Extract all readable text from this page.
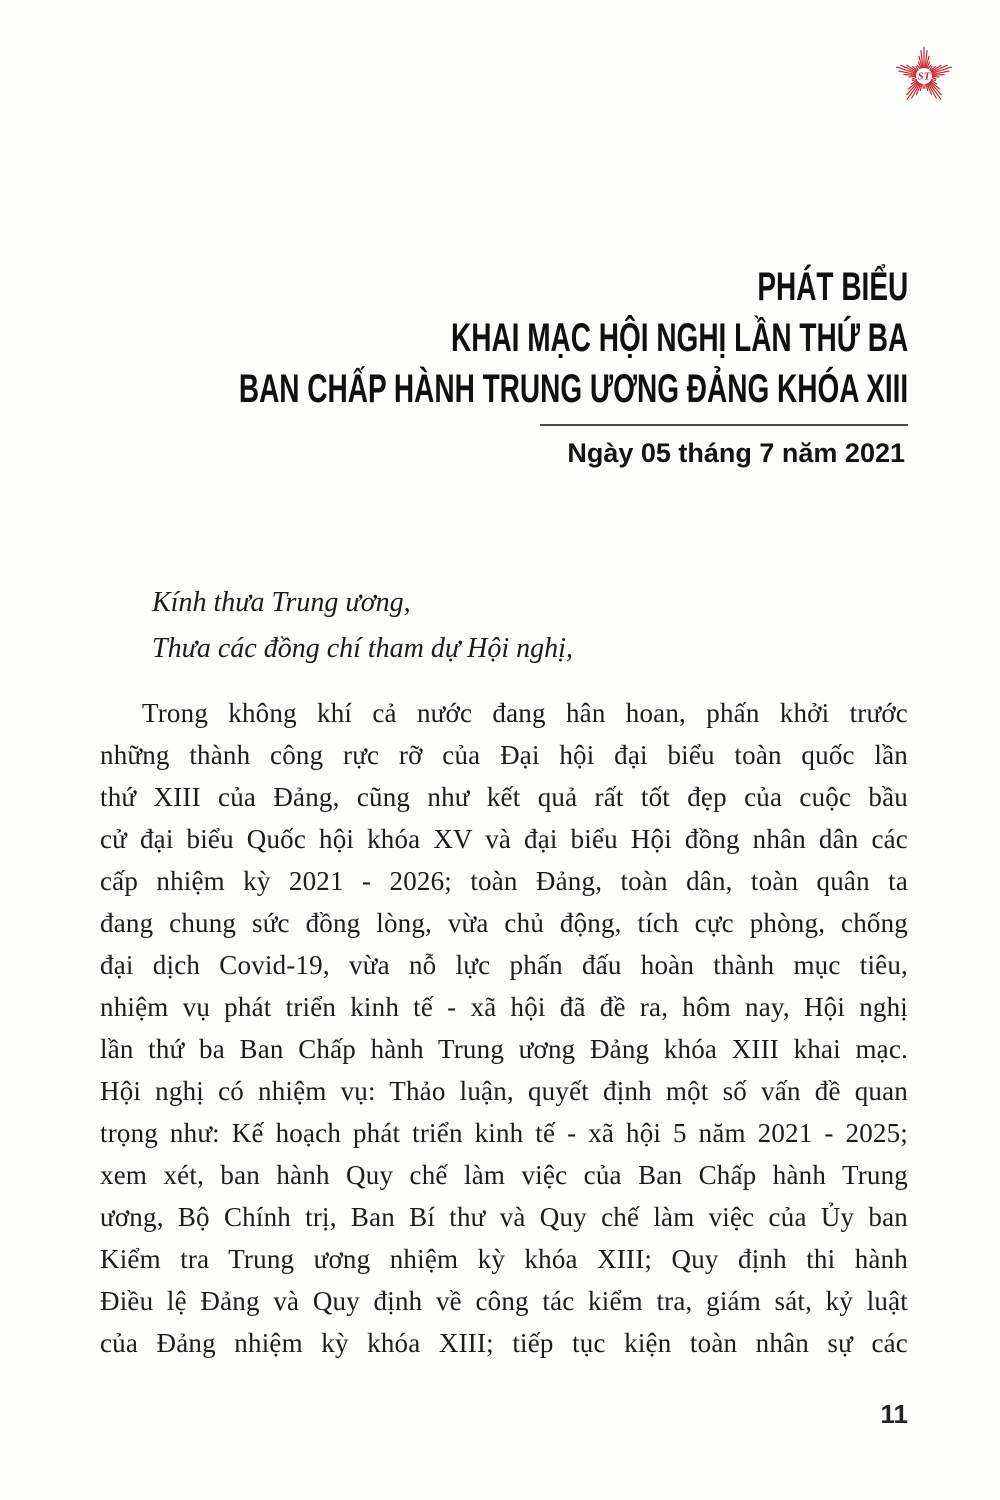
ST
PHÁT BIỂU
KHAI MẠC HỘI NGHỊ LẦN THỨ BA
BAN CHẤP HÀNH TRUNG ƯƠNG ĐẢNG KHÓA XIII
Ngày 05 tháng 7 năm 2021
Kính thưa Trung ương,
Thưa các đồng chí tham dự Hội nghị,
Trong không khí cả nước đang hân hoan, phấn khởi trước
những thành công rực rỡ của Đại hội đại biểu toàn quốc lần
thứ XIII của Đảng, cũng như kết quả rất tốt đẹp của cuộc bầu
cử đại biểu Quốc hội khóa XV và đại biểu Hội đồng nhân dân các
cấp nhiệm kỳ 2021 - 2026; toàn Đảng, toàn dân, toàn quân ta
đang chung sức đồng lòng, vừa chủ động, tích cực phòng, chống
đại dịch Covid-19, vừa nỗ lực phấn đấu hoàn thành mục tiêu,
nhiệm vụ phát triển kinh tế - xã hội đã đề ra, hôm nay, Hội nghị
lần thứ ba Ban Chấp hành Trung ương Đảng khóa XIII khai mạc.
Hội nghị có nhiệm vụ: Thảo luận, quyết định một số vấn đề quan
trọng như: Kế hoạch phát triển kinh tế - xã hội 5 năm 2021 - 2025;
xem xét, ban hành Quy chế làm việc của Ban Chấp hành Trung
ương, Bộ Chính trị, Ban Bí thư và Quy chế làm việc của Ủy ban
Kiểm tra Trung ương nhiệm kỳ khóa XIII; Quy định thi hành
Điều lệ Đảng và Quy định về công tác kiểm tra, giám sát, kỷ luật
của Đảng nhiệm kỳ khóa XIII; tiếp tục kiện toàn nhân sự các
11
